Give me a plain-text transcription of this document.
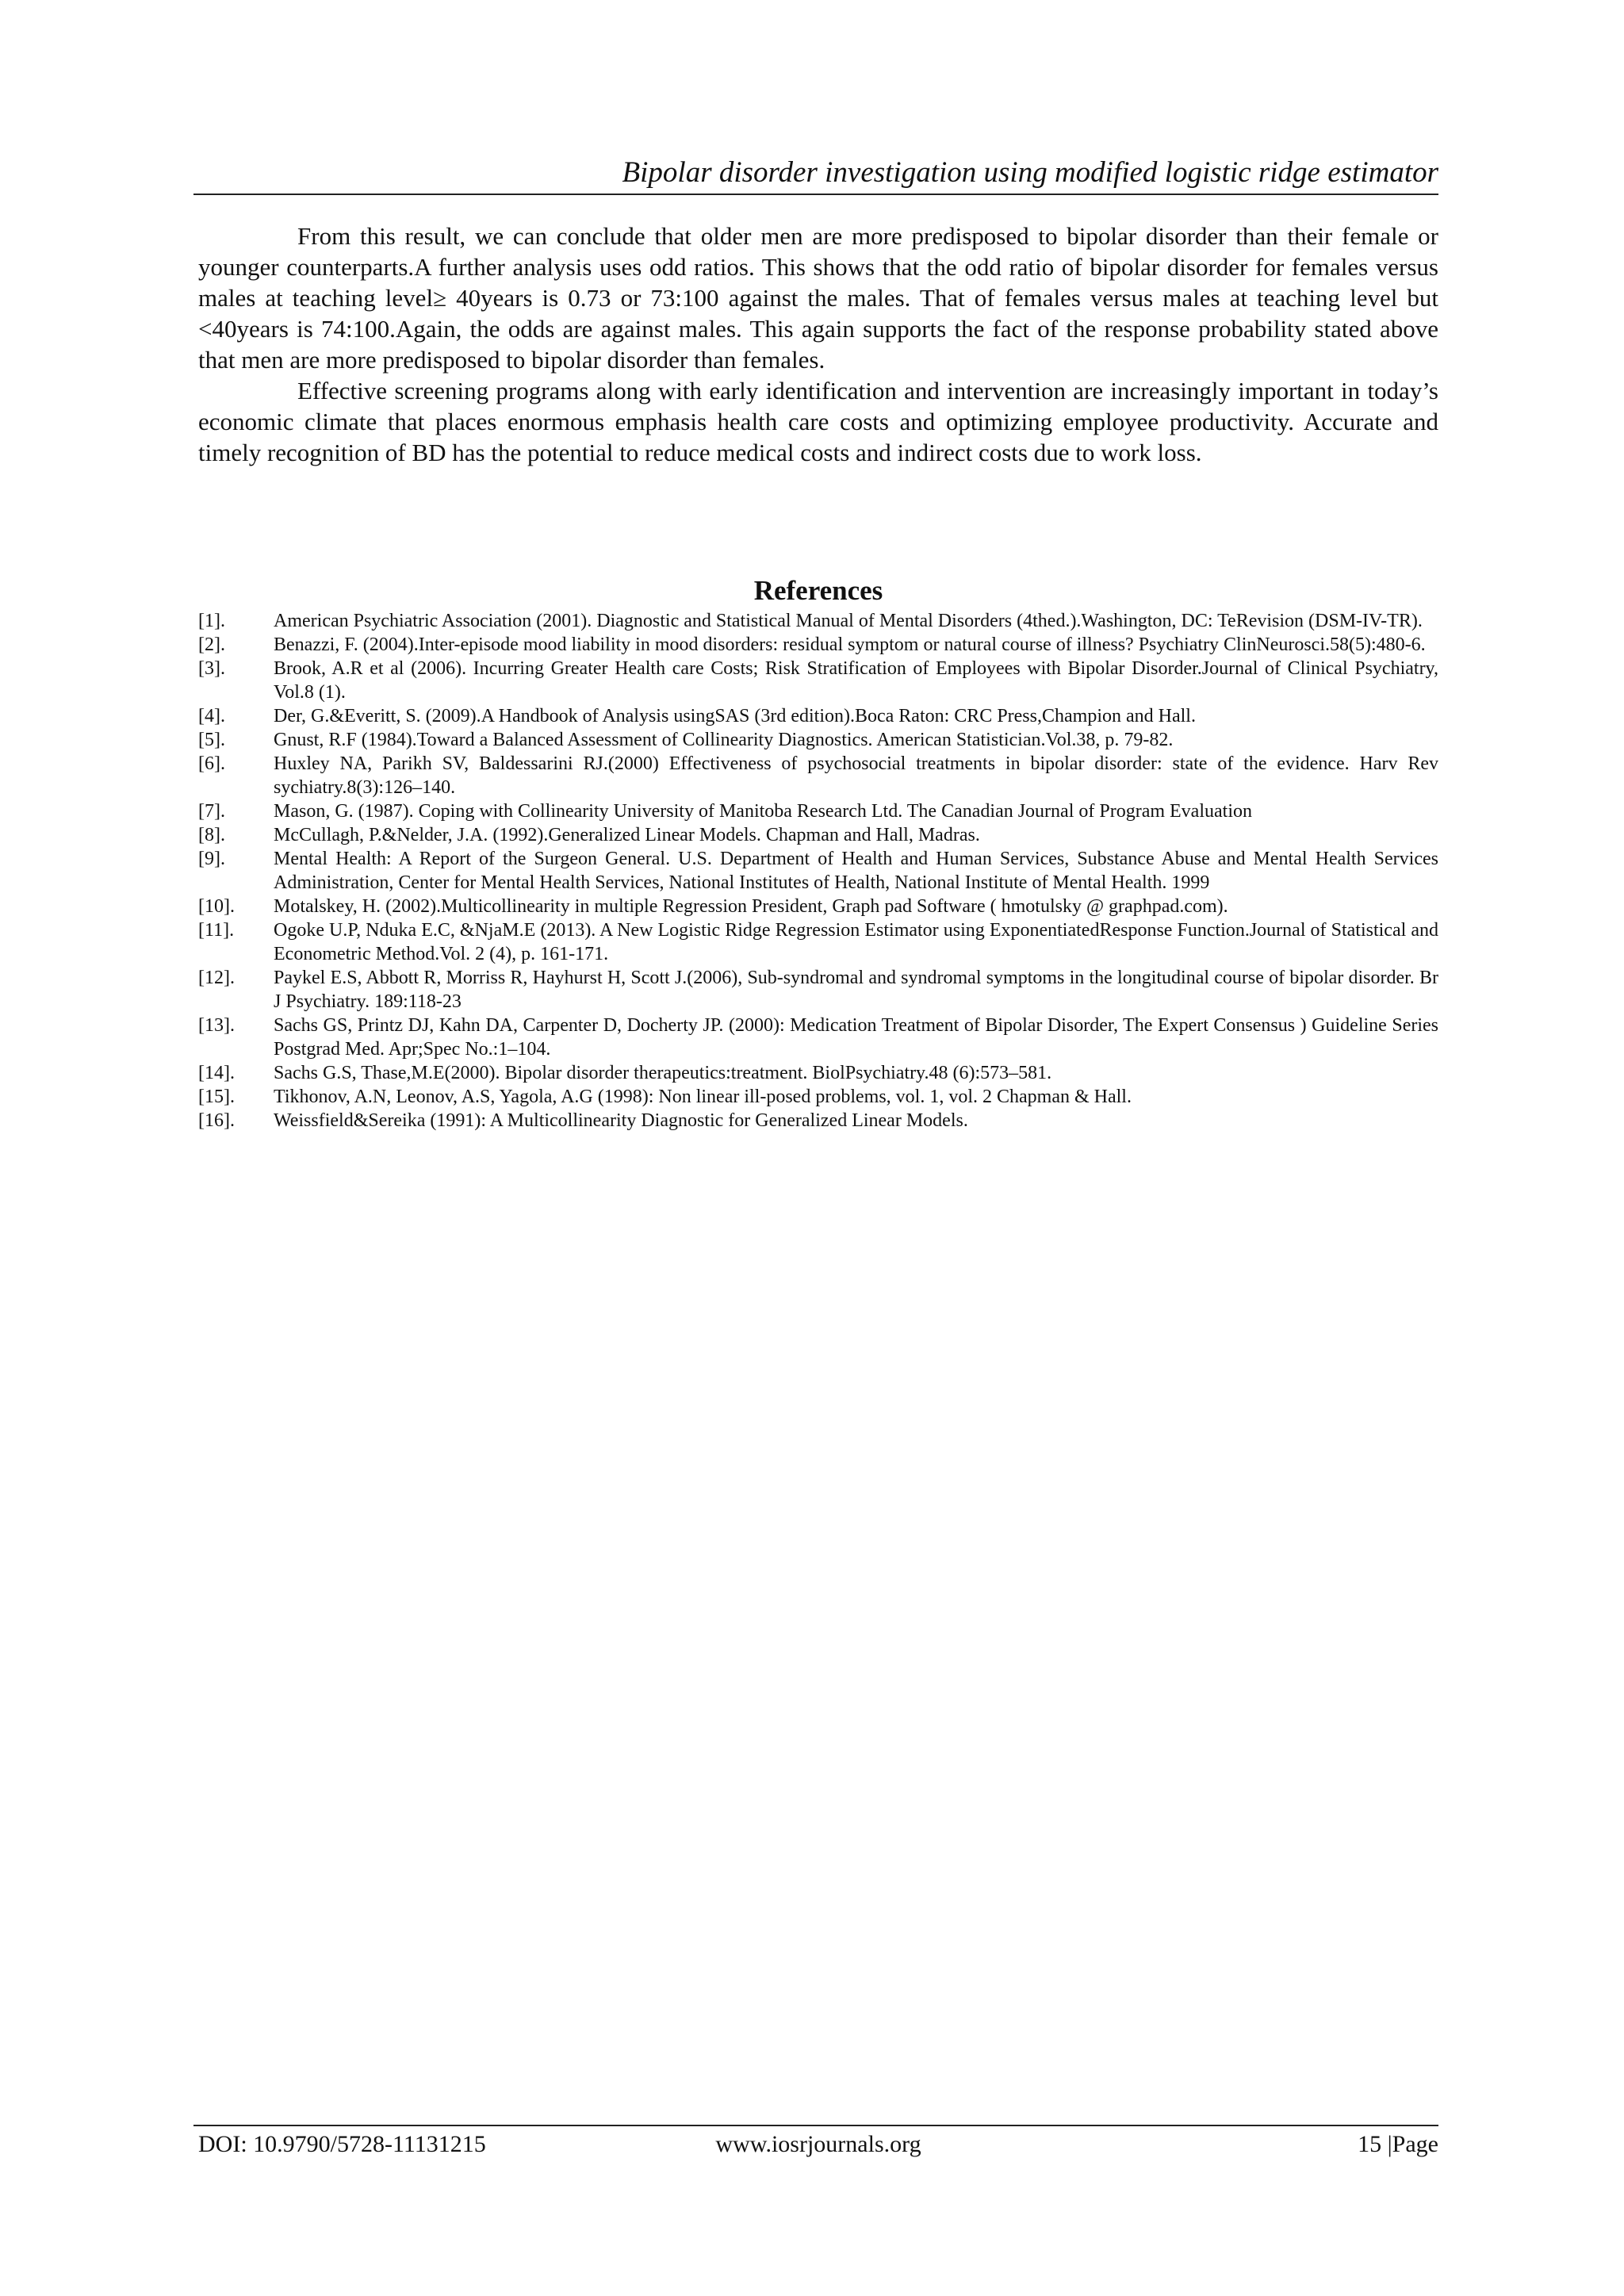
Bipolar disorder investigation using modified logistic ridge estimator

From this result, we can conclude that older men are more predisposed to bipolar disorder than their female or younger counterparts.A further analysis uses odd ratios. This shows that the odd ratio of bipolar disorder for females versus males at teaching level≥ 40years is 0.73 or 73:100 against the males. That of females versus males at teaching level but <40years is 74:100.Again, the odds are against males. This again supports the fact of the response probability stated above that men are more predisposed to bipolar disorder than females.

Effective screening programs along with early identification and intervention are increasingly important in today’s economic climate that places enormous emphasis health care costs and optimizing employee productivity. Accurate and timely recognition of BD has the potential to reduce medical costs and indirect costs due to work loss.

References
[1].	American Psychiatric Association (2001). Diagnostic and Statistical Manual of Mental Disorders (4thed.).Washington, DC: TeRevision (DSM-IV-TR).
[2].	Benazzi, F. (2004).Inter-episode mood liability in mood disorders: residual symptom or natural course of illness? Psychiatry ClinNeurosci.58(5):480-6.
[3].	Brook, A.R et al (2006). Incurring Greater Health care Costs; Risk Stratification of Employees with Bipolar Disorder.Journal of Clinical Psychiatry, Vol.8 (1).
[4].	Der, G.&Everitt, S. (2009).A Handbook of Analysis usingSAS (3rd edition).Boca Raton: CRC Press,Champion and Hall.
[5].	Gnust, R.F (1984).Toward a Balanced Assessment of Collinearity Diagnostics. American Statistician.Vol.38, p. 79-82.
[6].	Huxley NA, Parikh SV, Baldessarini RJ.(2000) Effectiveness of psychosocial treatments in bipolar disorder: state of the evidence. Harv Rev sychiatry.8(3):126–140.
[7].	Mason, G. (1987). Coping with Collinearity University of Manitoba Research Ltd. The Canadian Journal of Program Evaluation
[8].	McCullagh, P.&Nelder, J.A. (1992).Generalized Linear Models. Chapman and Hall, Madras.
[9].	Mental Health: A Report of the Surgeon General. U.S. Department of Health and Human Services, Substance Abuse and Mental Health Services Administration, Center for Mental Health Services, National Institutes of Health, National Institute of Mental Health. 1999
[10].	Motalskey, H. (2002).Multicollinearity in multiple Regression President, Graph pad Software ( hmotulsky @ graphpad.com).
[11].	Ogoke U.P, Nduka E.C, &NjaM.E (2013). A New Logistic Ridge Regression Estimator using ExponentiatedResponse Function.Journal of Statistical and Econometric Method.Vol. 2 (4), p. 161-171.
[12].	Paykel E.S, Abbott R, Morriss R, Hayhurst H, Scott J.(2006), Sub-syndromal and syndromal symptoms in the longitudinal course of bipolar disorder. Br J Psychiatry. 189:118-23
[13].	Sachs GS, Printz DJ, Kahn DA, Carpenter D, Docherty JP. (2000): Medication Treatment of Bipolar Disorder, The Expert Consensus ) Guideline Series Postgrad Med. Apr;Spec No.:1–104.
[14].	Sachs G.S, Thase,M.E(2000). Bipolar disorder therapeutics:treatment. BiolPsychiatry.48 (6):573–581.
[15].	Tikhonov, A.N, Leonov, A.S, Yagola, A.G (1998): Non linear ill-posed problems, vol. 1, vol. 2 Chapman & Hall.
[16].	Weissfield&Sereika (1991): A Multicollinearity Diagnostic for Generalized Linear Models.
DOI: 10.9790/5728-11131215	www.iosrjournals.org	15 |Page
